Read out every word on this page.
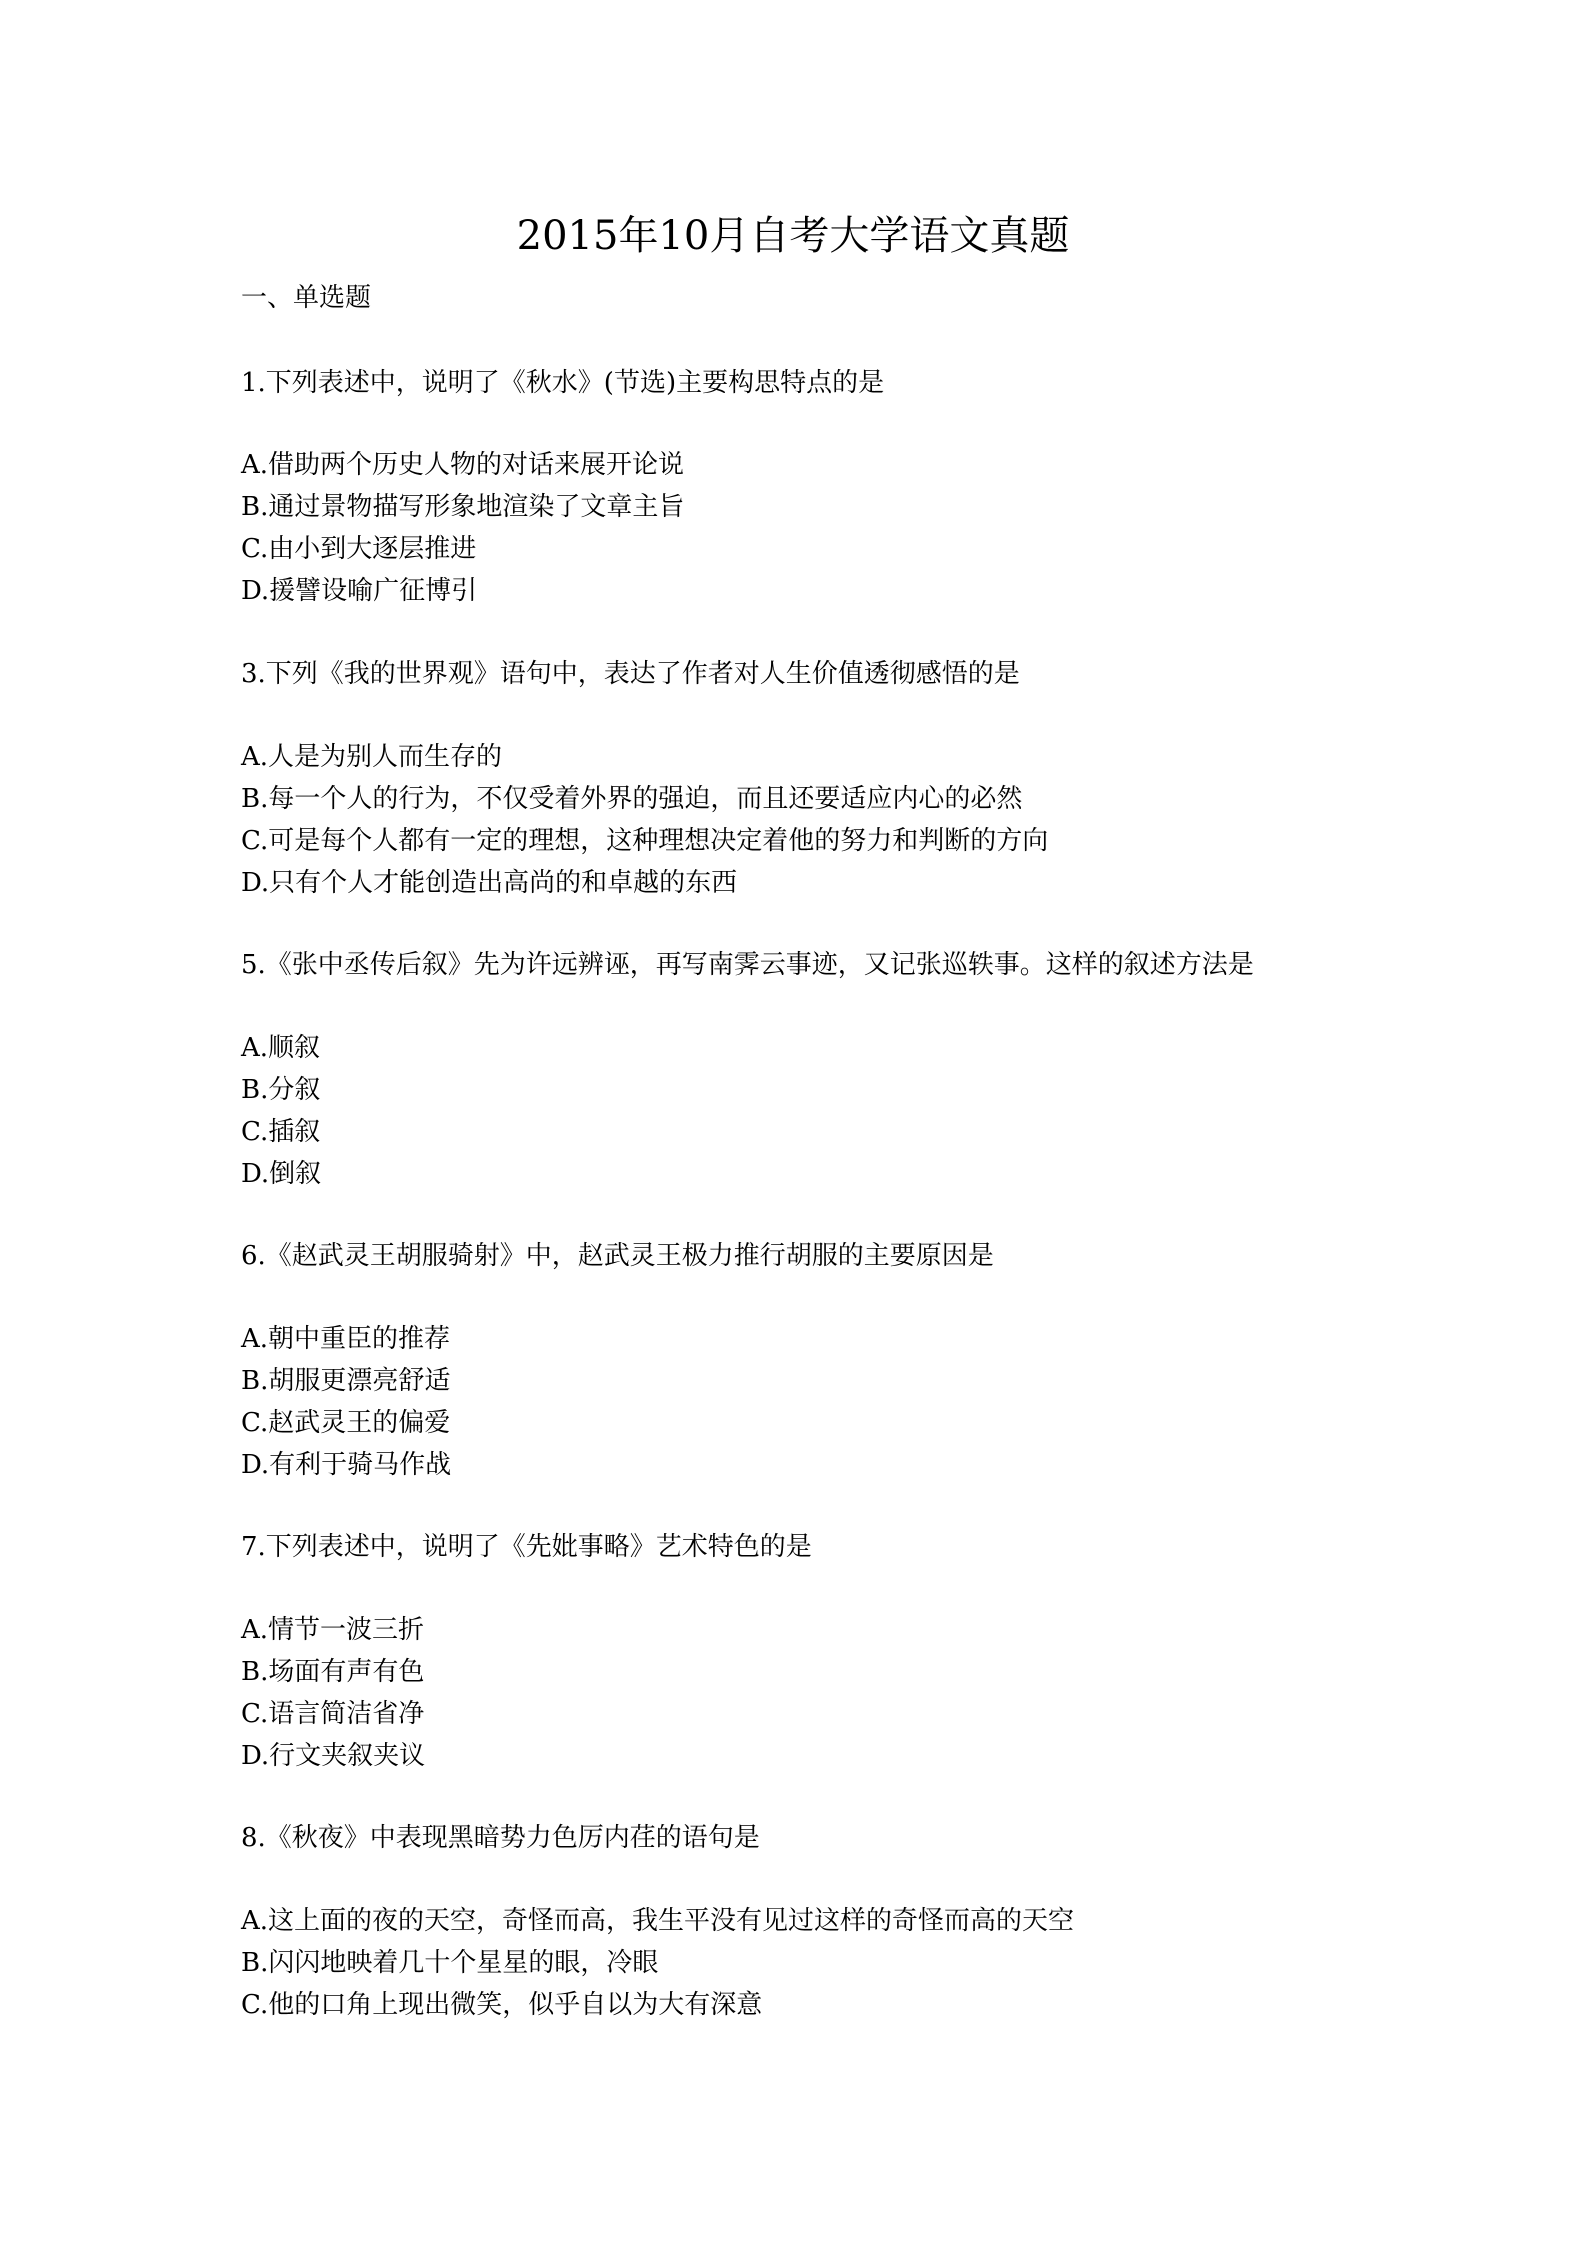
2015年10月自考大学语文真题
一、单选题
1.下列表述中，说明了《秋水》(节选)主要构思特点的是
A.借助两个历史人物的对话来展开论说
B.通过景物描写形象地渲染了文章主旨
C.由小到大逐层推进
D.援譬设喻广征博引
3.下列《我的世界观》语句中，表达了作者对人生价值透彻感悟的是
A.人是为别人而生存的
B.每一个人的行为，不仅受着外界的强迫，而且还要适应内心的必然
C.可是每个人都有一定的理想，这种理想决定着他的努力和判断的方向
D.只有个人才能创造出高尚的和卓越的东西
5.《张中丞传后叙》先为许远辨诬，再写南霁云事迹，又记张巡轶事。这样的叙述方法是
A.顺叙
B.分叙
C.插叙
D.倒叙
6.《赵武灵王胡服骑射》中，赵武灵王极力推行胡服的主要原因是
A.朝中重臣的推荐
B.胡服更漂亮舒适
C.赵武灵王的偏爱
D.有利于骑马作战
7.下列表述中，说明了《先妣事略》艺术特色的是
A.情节一波三折
B.场面有声有色
C.语言简洁省净
D.行文夹叙夹议
8.《秋夜》中表现黑暗势力色厉内荏的语句是
A.这上面的夜的天空，奇怪而高，我生平没有见过这样的奇怪而高的天空
B.闪闪地映着几十个星星的眼，冷眼
C.他的口角上现出微笑，似乎自以为大有深意
